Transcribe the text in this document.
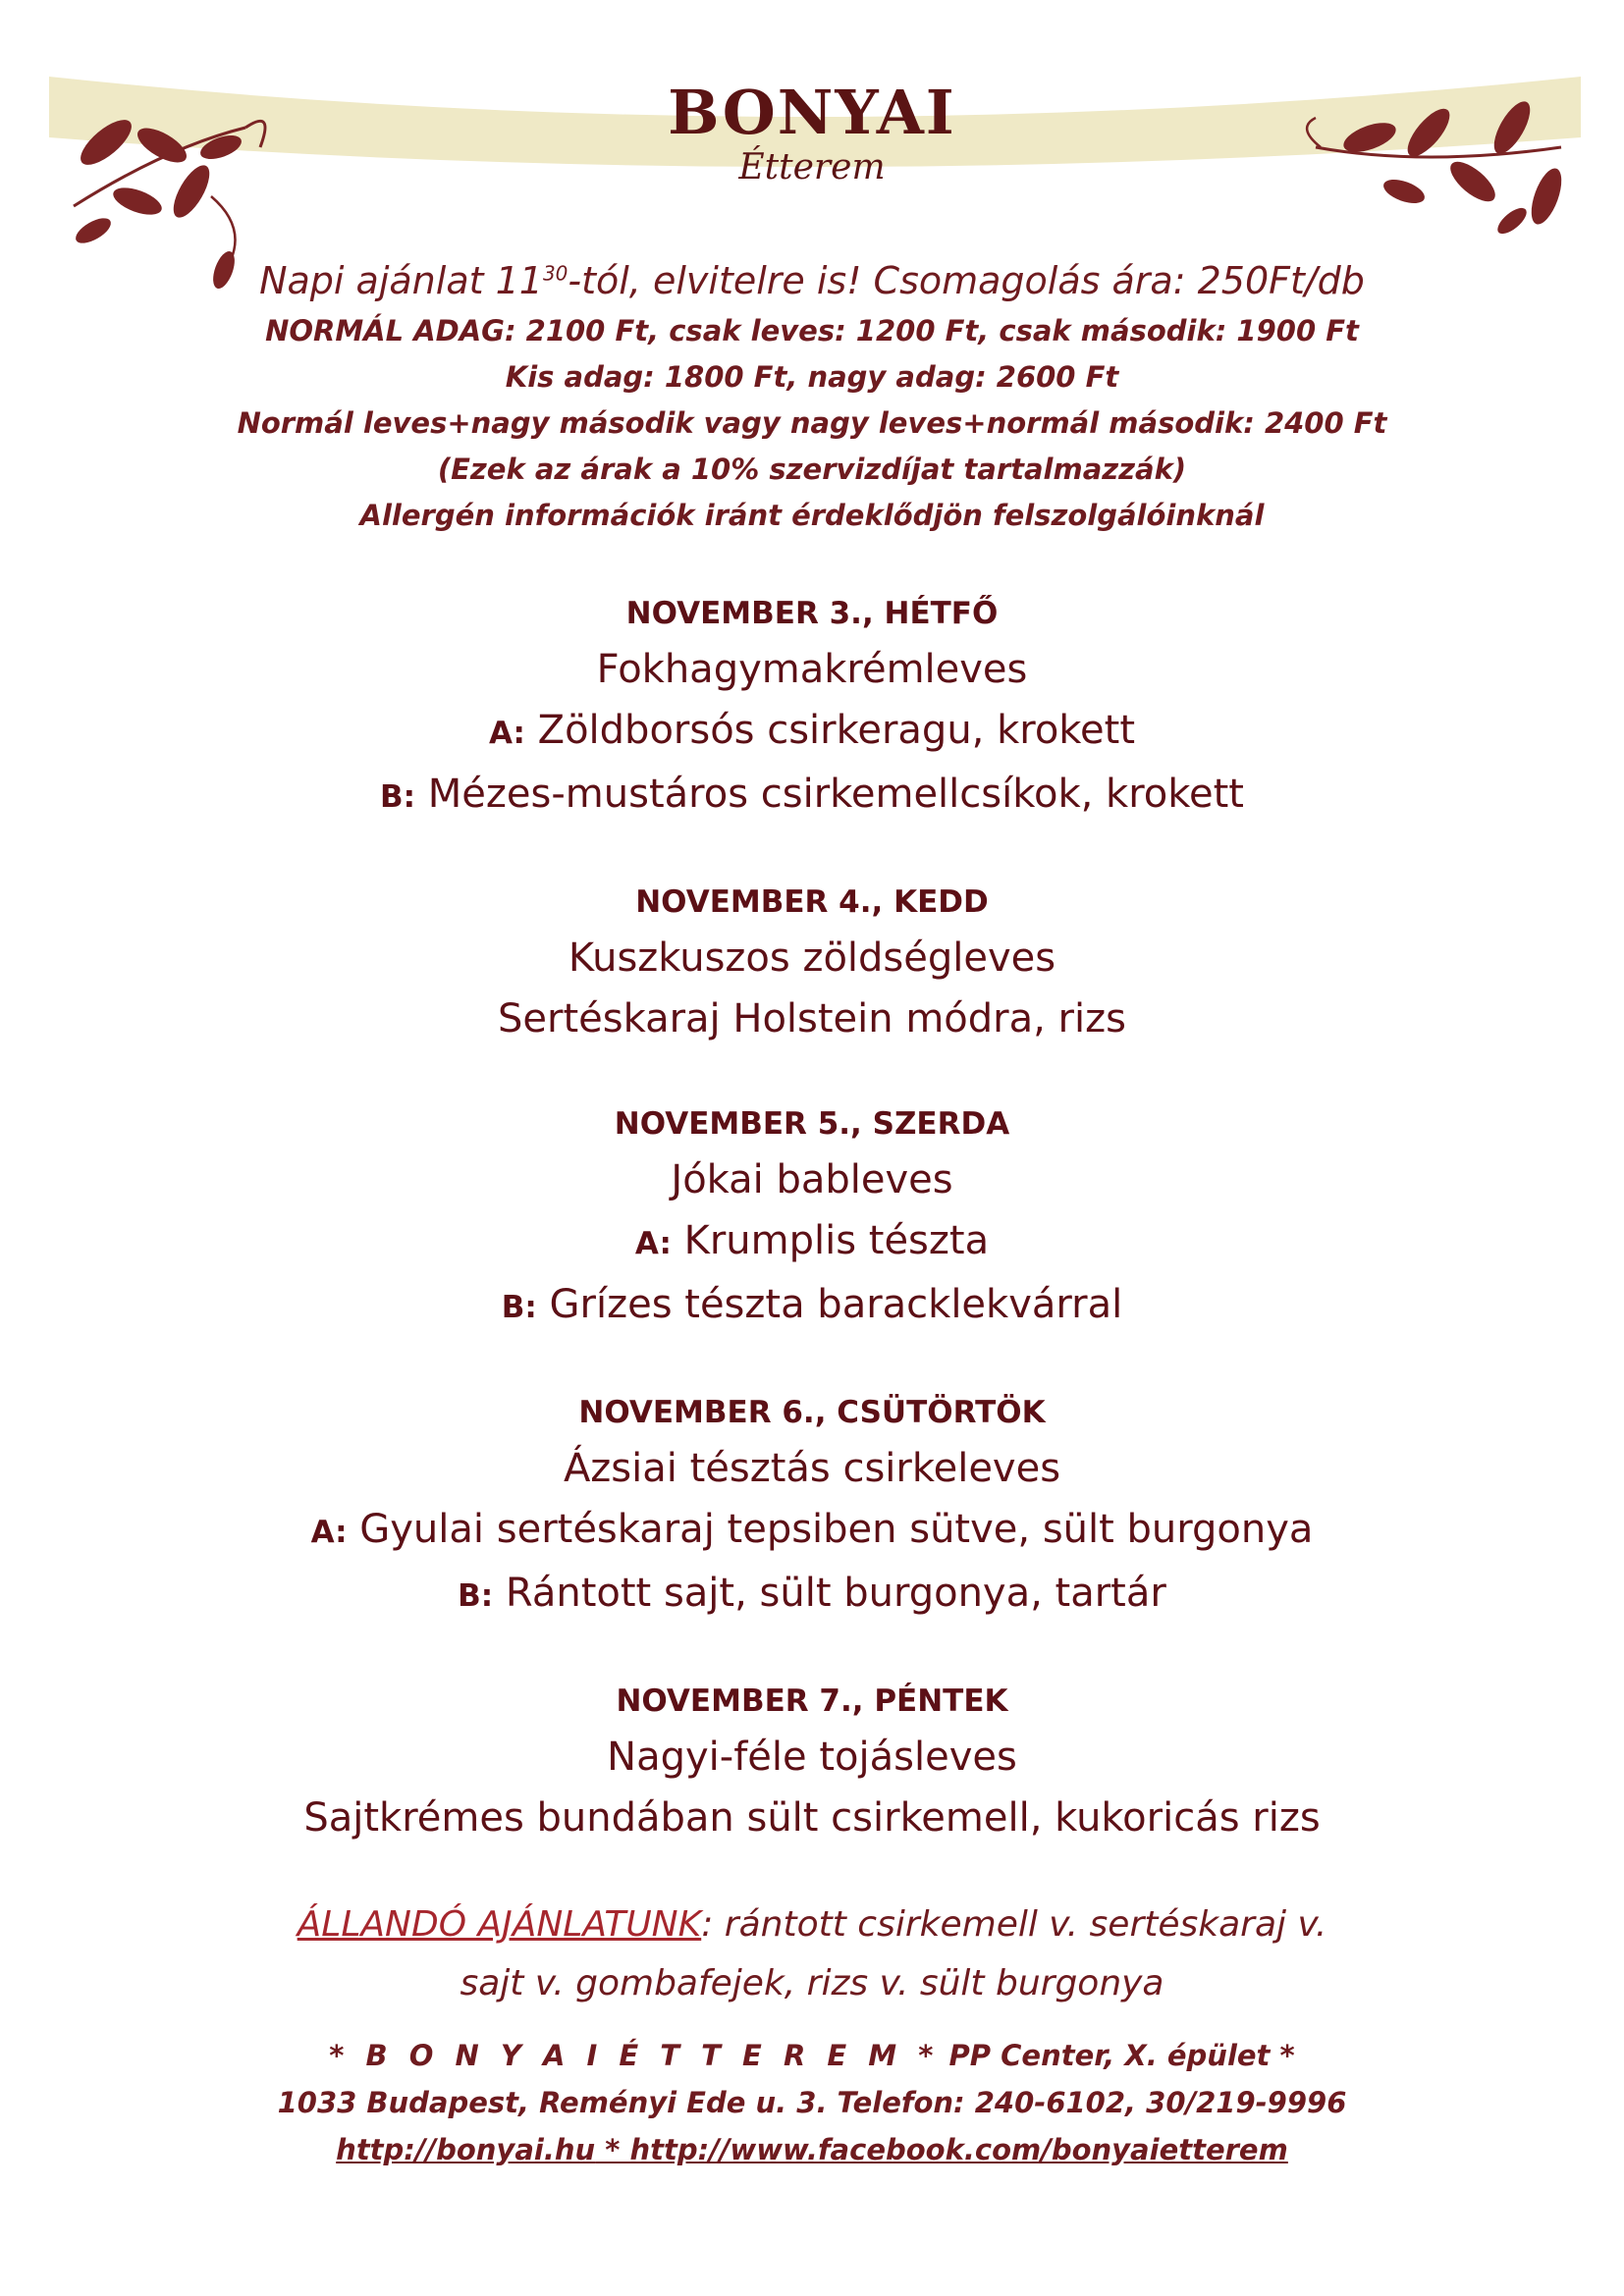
BONYAI
Étterem
Napi ajánlat $11^{30}$-tól, elvitelre is! Csomagolás ára: 250Ft/db
NORMÁL ADAG: 2100 Ft, csak leves: 1200 Ft, csak második: 1900 Ft
Kis adag: 1800 Ft, nagy adag: 2600 Ft
Normál leves+nagy második vagy nagy leves+normál második: 2400 Ft
(Ezek az árak a 10% szervizdíjat tartalmazzák)
Allergén információk iránt érdeklődjön felszolgálóinknál
NOVEMBER 3., HÉTFŐ
Fokhagymakrémleves
A: Zöldborsós csirkeragu, krokett
B: Mézes-mustáros csirkemellcsíkok, krokett
NOVEMBER 4., KEDD
Kuszkuszos zöldségleves
Sertéskaraj Holstein módra, rizs
NOVEMBER 5., SZERDA
Jókai bableves
A: Krumplis tészta
B: Grízes tészta baracklekvárral
NOVEMBER 6., CSÜTÖRTÖK
Ázsiai tésztás csirkeleves
A: Gyulai sertéskaraj tepsiben sütve, sült burgonya
B: Rántott sajt, sült burgonya, tartár
NOVEMBER 7., PÉNTEK
Nagyi-féle tojásleves
Sajtkrémes bundában sült csirkemell, kukoricás rizs
ÁLLANDÓ AJÁNLATUNK: rántott csirkemell v. sertéskaraj v.
sajt v. gombafejek, rizs v. sült burgonya
* B O N Y A I É T T E R E M * PP Center, X. épület *
1033 Budapest, Reményi Ede u. 3. Telefon: 240-6102, 30/219-9996
http://bonyai.hu * http://www.facebook.com/bonyaietterem
